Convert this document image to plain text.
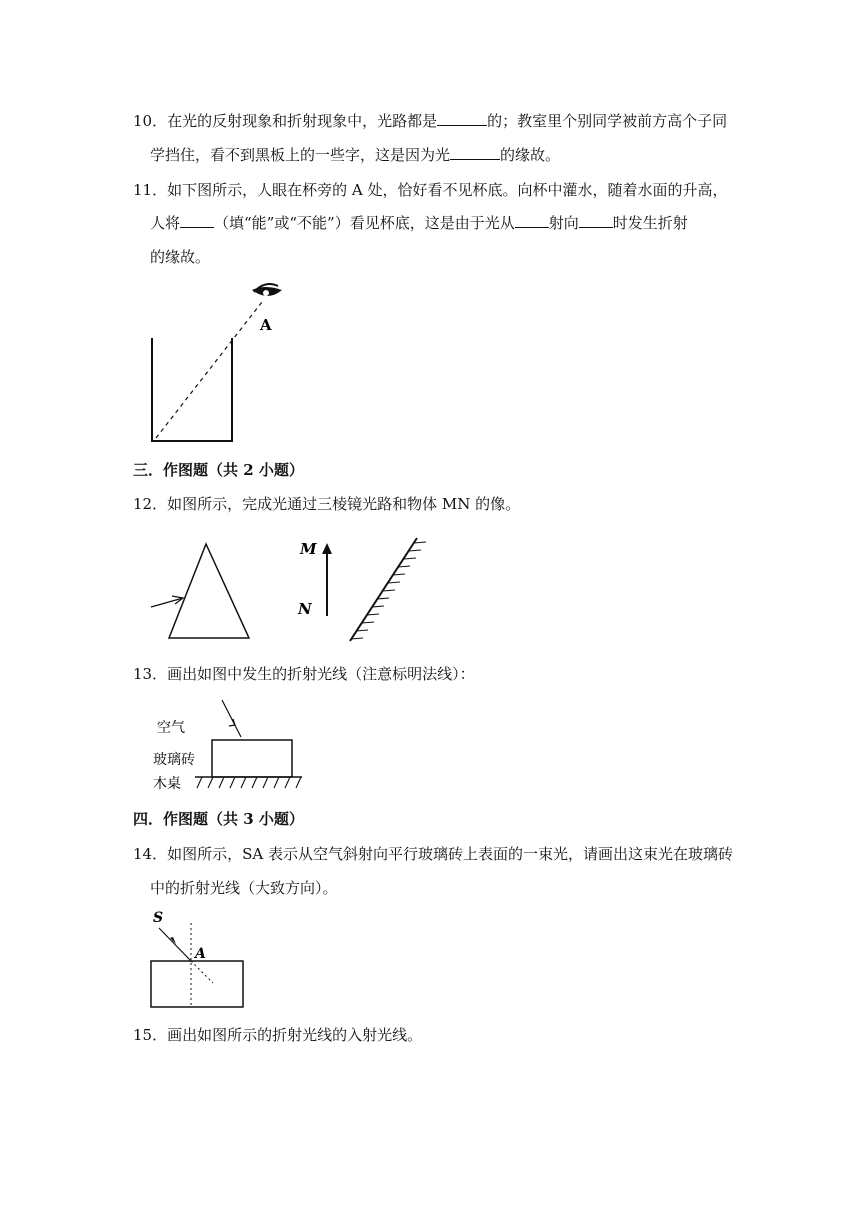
10．在光的反射现象和折射现象中，光路都是	的；教室里个别同学被前方高个子同
学挡住，看不到黑板上的一些字，这是因为光	的缘故。
11．如下图所示，人眼在杯旁的 A 处，恰好看不见杯底。向杯中灌水，随着水面的升高，
人将 （填“能”或“不能”）看见杯底，这是由于光从 射向 时发生折射
的缘故。
A
三．作图题（共 2 小题）
12．如图所示，完成光通过三棱镜光路和物体 MN 的像。
M
N
13．画出如图中发生的折射光线（注意标明法线）：
空气
玻璃砖
木桌
四．作图题（共 3 小题）
14．如图所示，SA 表示从空气斜射向平行玻璃砖上表面的一束光，请画出这束光在玻璃砖
中的折射光线（大致方向）。
S
A
15．画出如图所示的折射光线的入射光线。
